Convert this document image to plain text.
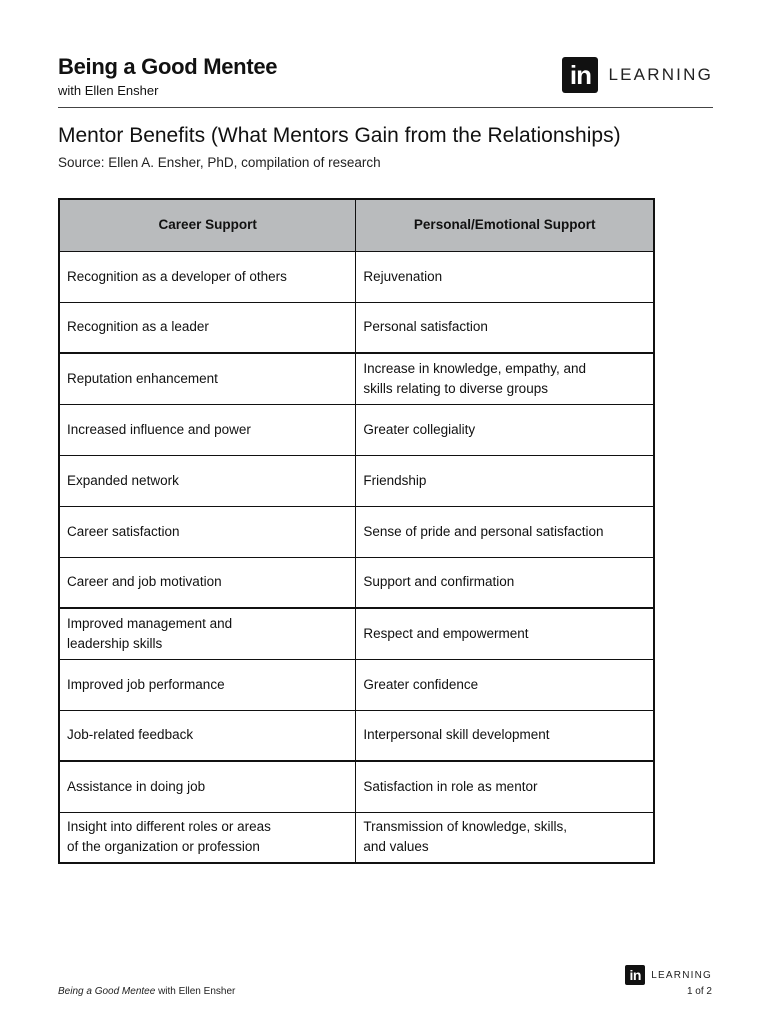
Being a Good Mentee
with Ellen Ensher
in	LEARNING
Mentor Benefits (What Mentors Gain from the Relationships)
Source: Ellen A. Ensher, PhD, compilation of research
Career Support	Personal/Emotional Support
Recognition as a developer of others	Rejuvenation
Recognition as a leader	Personal satisfaction
Reputation enhancement	Increase in knowledge, empathy, and
skills relating to diverse groups
Increased influence and power	Greater collegiality
Expanded network	Friendship
Career satisfaction	Sense of pride and personal satisfaction
Career and job motivation	Support and confirmation
Improved management and
leadership skills	Respect and empowerment
Improved job performance	Greater confidence
Job-related feedback	Interpersonal skill development
Assistance in doing job	Satisfaction in role as mentor
Insight into different roles or areas
of the organization or profession	Transmission of knowledge, skills,
and values
Being a Good Mentee with Ellen Ensher
in	LEARNING
1 of 2
